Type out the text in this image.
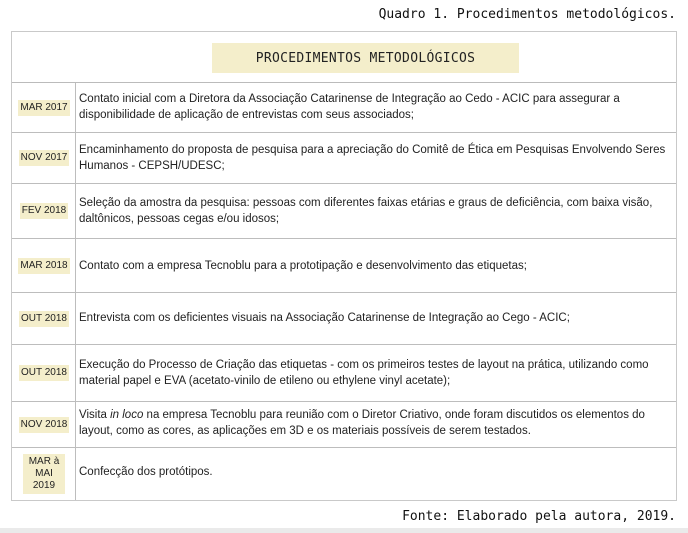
Quadro 1. Procedimentos metodológicos.
PROCEDIMENTOS METODOLÓGICOS
MAR 2017
Contato inicial com a Diretora da Associação Catarinense de Integração ao Cedo - ACIC para assegurar a disponibilidade de aplicação de entrevistas com seus associados;
NOV 2017
Encaminhamento do proposta de pesquisa para a apreciação do Comitê de Ética em Pesquisas Envolvendo Seres Humanos - CEPSH/UDESC;
FEV 2018
Seleção da amostra da pesquisa: pessoas com diferentes faixas etárias e graus de deficiência, com baixa visão, daltônicos, pessoas cegas e/ou idosos;
MAR 2018 Contato com a empresa Tecnoblu para a prototipação e desenvolvimento das etiquetas;
OUT 2018 Entrevista com os deficientes visuais na Associação Catarinense de Integração ao Cego - ACIC;
OUT 2018
Execução do Processo de Criação das etiquetas - com os primeiros testes de layout na prática, utilizando como material papel e EVA (acetato-vinilo de etileno ou ethylene vinyl acetate);
NOV 2018
Visita in loco na empresa Tecnoblu para reunião com o Diretor Criativo, onde foram discutidos os elementos do layout, como as cores, as aplicações em 3D e os materiais possíveis de serem testados.
MAR à MAI 2019
Confecção dos protótipos.
Fonte: Elaborado pela autora, 2019.
